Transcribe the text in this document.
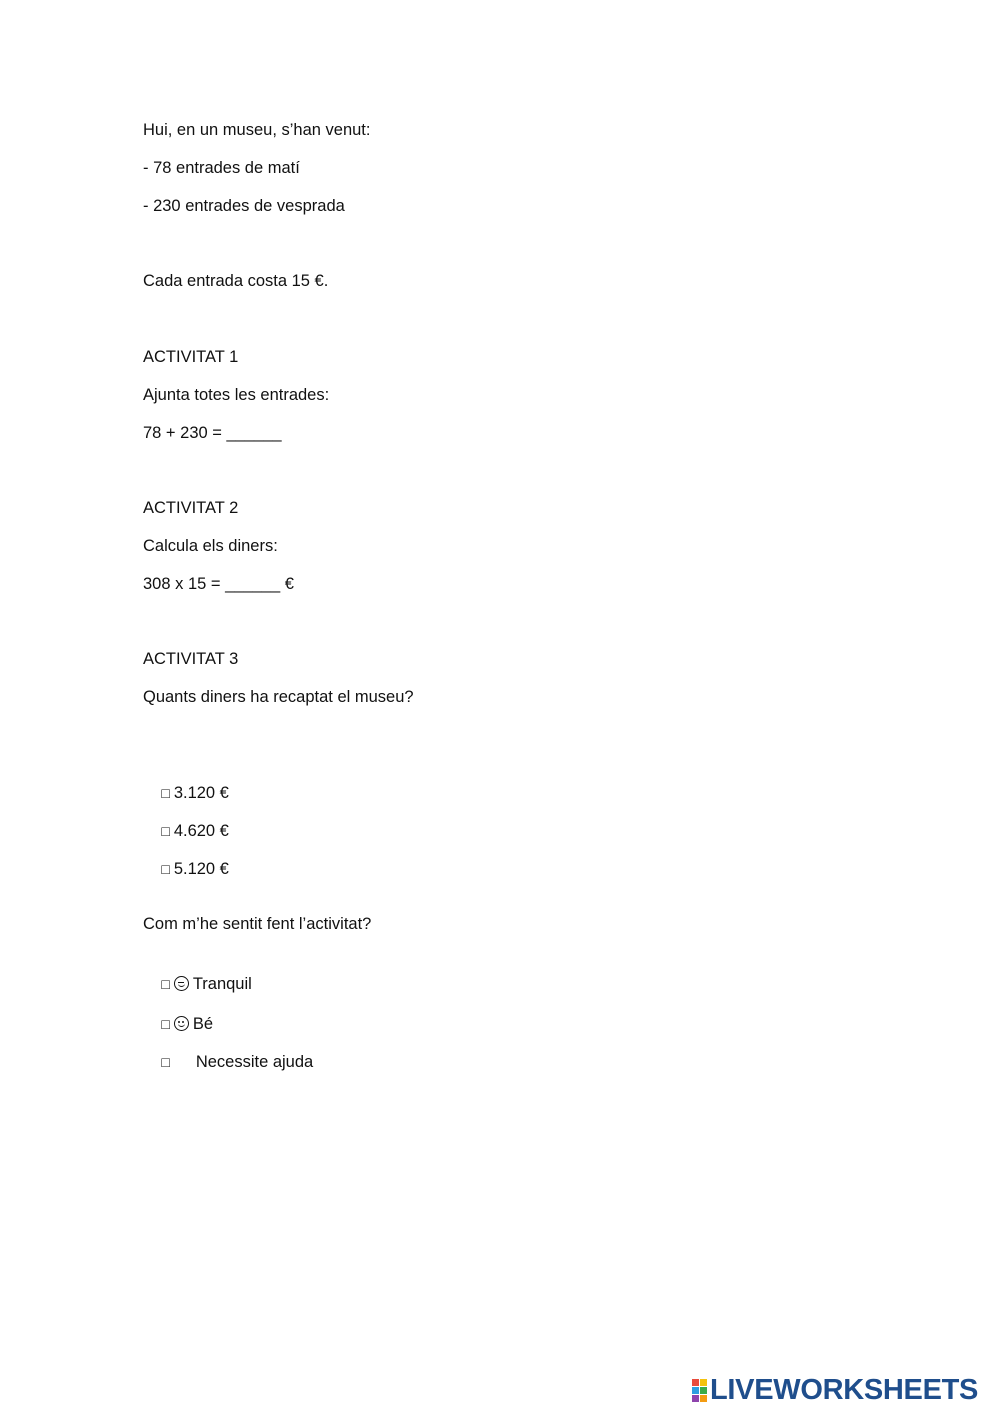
Hui, en un museu, s’han venut:
- 78 entrades de matí
- 230 entrades de vesprada
Cada entrada costa 15 €.
ACTIVITAT 1
Ajunta totes les entrades:
78 + 230 = ______
ACTIVITAT 2
Calcula els diners:
308 x 15 = ______ €
ACTIVITAT 3
Quants diners ha recaptat el museu?

□ 3.120 €

□ 4.620 €

□ 5.120 €

Com m’he sentit fent l’activitat?

□ Tranquil

□ Bé

□ Necessite ajuda

LIVEWORKSHEETS
